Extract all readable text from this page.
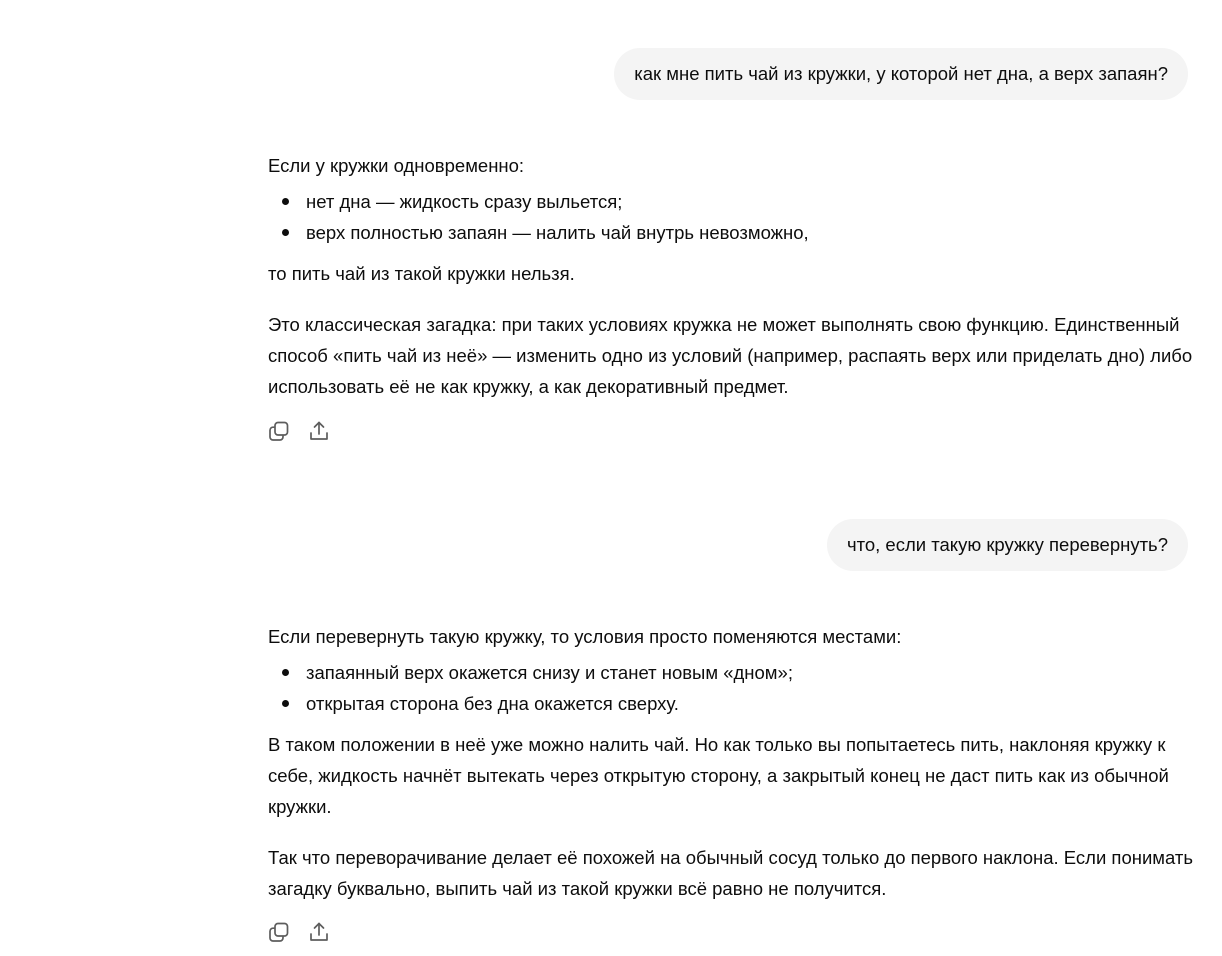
как мне пить чай из кружки, у которой нет дна, а верх запаян?

Если у кружки одновременно:

нет дна — жидкость сразу выльется;
верх полностью запаян — налить чай внутрь невозможно,

то пить чай из такой кружки нельзя.

Это классическая загадка: при таких условиях кружка не может выполнять свою функцию. Единственный способ «пить чай из неё» — изменить одно из условий (например, распаять верх или приделать дно) либо использовать её не как кружку, а как декоративный предмет.

что, если такую кружку перевернуть?

Если перевернуть такую кружку, то условия просто поменяются местами:

запаянный верх окажется снизу и станет новым «дном»;
открытая сторона без дна окажется сверху.

В таком положении в неё уже можно налить чай. Но как только вы попытаетесь пить, наклоняя кружку к себе, жидкость начнёт вытекать через открытую сторону, а закрытый конец не даст пить как из обычной кружки.

Так что переворачивание делает её похожей на обычный сосуд только до первого наклона. Если понимать загадку буквально, выпить чай из такой кружки всё равно не получится.
